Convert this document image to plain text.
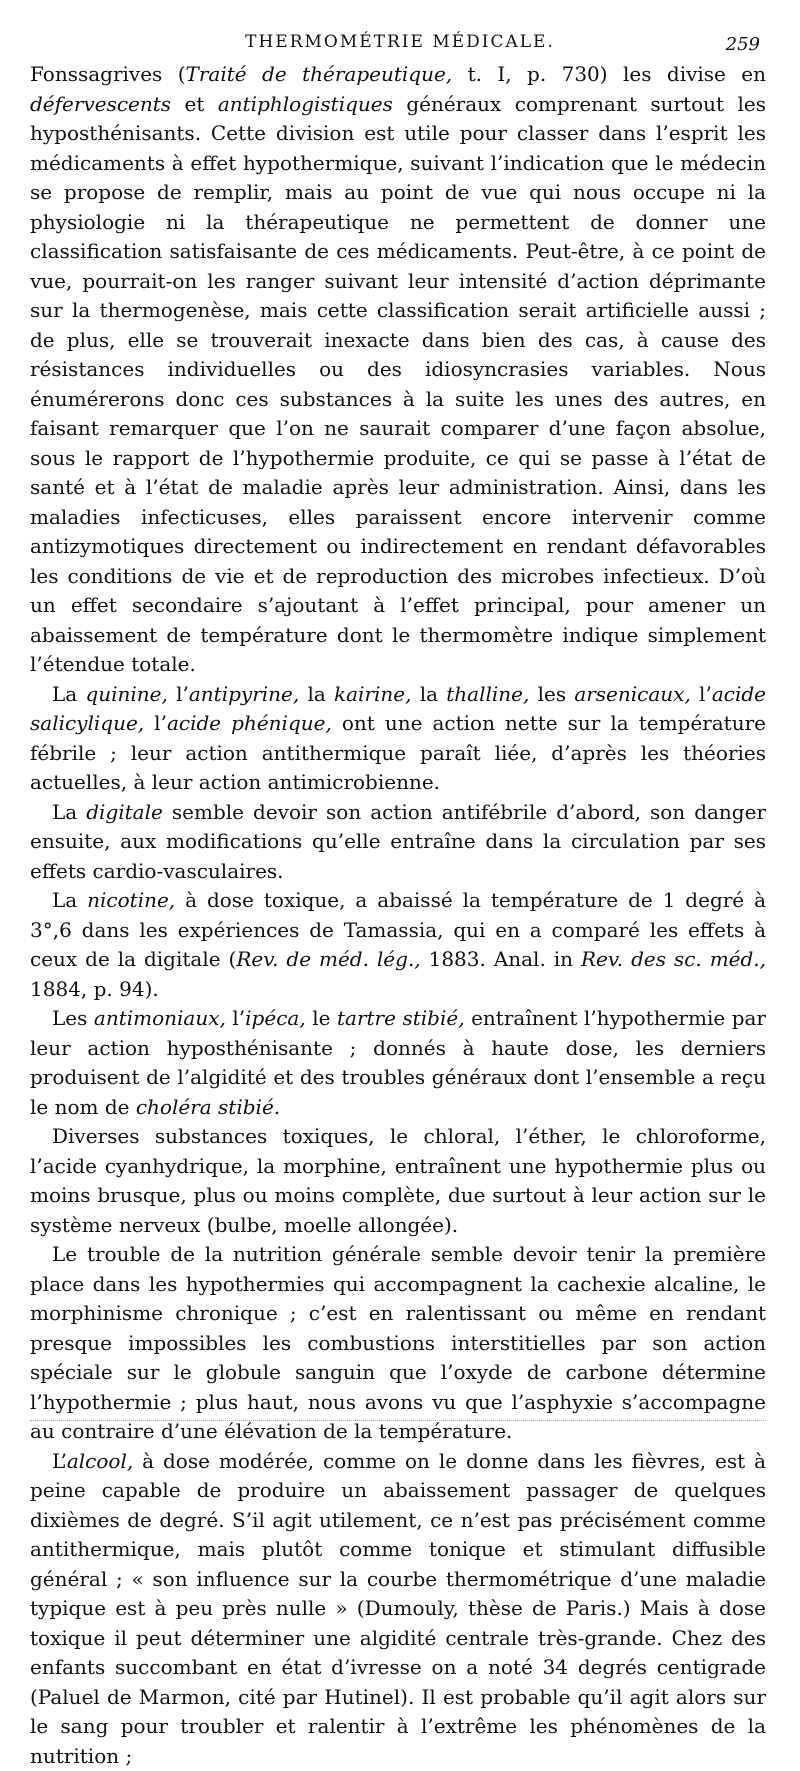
THERMOMÉTRIE MÉDICALE.	259

Fonssagrives (Traité de thérapeutique, t. I, p. 730) les divise en défervescents et antiphlogistiques généraux comprenant surtout les hyposthénisants. Cette division est utile pour classer dans l’esprit les médicaments à effet hypothermique, suivant l’indication que le médecin se propose de remplir, mais au point de vue qui nous occupe ni la physiologie ni la thérapeutique ne permettent de donner une classification satisfaisante de ces médicaments. Peut-être, à ce point de vue, pourrait-on les ranger suivant leur intensité d’action déprimante sur la thermogenèse, mais cette classification serait artificielle aussi ; de plus, elle se trouverait inexacte dans bien des cas, à cause des résistances individuelles ou des idiosyncrasies variables. Nous énumérerons donc ces substances à la suite les unes des autres, en faisant remarquer que l’on ne saurait comparer d’une façon absolue, sous le rapport de l’hypothermie produite, ce qui se passe à l’état de santé et à l’état de maladie après leur administration. Ainsi, dans les maladies infecticuses, elles paraissent encore intervenir comme antizymotiques directement ou indirectement en rendant défavorables les conditions de vie et de reproduction des microbes infectieux. D’où un effet secondaire s’ajoutant à l’effet principal, pour amener un abaissement de température dont le thermomètre indique simplement l’étendue totale.

La quinine, l’antipyrine, la kairine, la thalline, les arsenicaux, l’acide salicylique, l’acide phénique, ont une action nette sur la température fébrile ; leur action antithermique paraît liée, d’après les théories actuelles, à leur action antimicrobienne.

La digitale semble devoir son action antifébrile d’abord, son danger ensuite, aux modifications qu’elle entraîne dans la circulation par ses effets cardio-vasculaires.

La nicotine, à dose toxique, a abaissé la température de 1 degré à 3°,6 dans les expériences de Tamassia, qui en a comparé les effets à ceux de la digitale (Rev. de méd. lég., 1883. Anal. in Rev. des sc. méd., 1884, p. 94).

Les antimoniaux, l’ipéca, le tartre stibié, entraînent l’hypothermie par leur action hyposthénisante ; donnés à haute dose, les derniers produisent de l’algidité et des troubles généraux dont l’ensemble a reçu le nom de choléra stibié.

Diverses substances toxiques, le chloral, l’éther, le chloroforme, l’acide cyanhydrique, la morphine, entraînent une hypothermie plus ou moins brusque, plus ou moins complète, due surtout à leur action sur le système nerveux (bulbe, moelle allongée).

Le trouble de la nutrition générale semble devoir tenir la première place dans les hypothermies qui accompagnent la cachexie alcaline, le morphinisme chronique ; c’est en ralentissant ou même en rendant presque impossibles les combustions interstitielles par son action spéciale sur le globule sanguin que l’oxyde de carbone détermine l’hypothermie ; plus haut, nous avons vu que l’asphyxie s’accompagne au contraire d’une élévation de la température.

L’alcool, à dose modérée, comme on le donne dans les fièvres, est à peine capable de produire un abaissement passager de quelques dixièmes de degré. S’il agit utilement, ce n’est pas précisément comme antithermique, mais plutôt comme tonique et stimulant diffusible général ; « son influence sur la courbe thermométrique d’une maladie typique est à peu près nulle » (Dumouly, thèse de Paris.) Mais à dose toxique il peut déterminer une algidité centrale très-grande. Chez des enfants succombant en état d’ivresse on a noté 34 degrés centigrade (Paluel de Marmon, cité par Hutinel). Il est probable qu’il agit alors sur le sang pour troubler et ralentir à l’extrême les phénomènes de la nutrition ;
